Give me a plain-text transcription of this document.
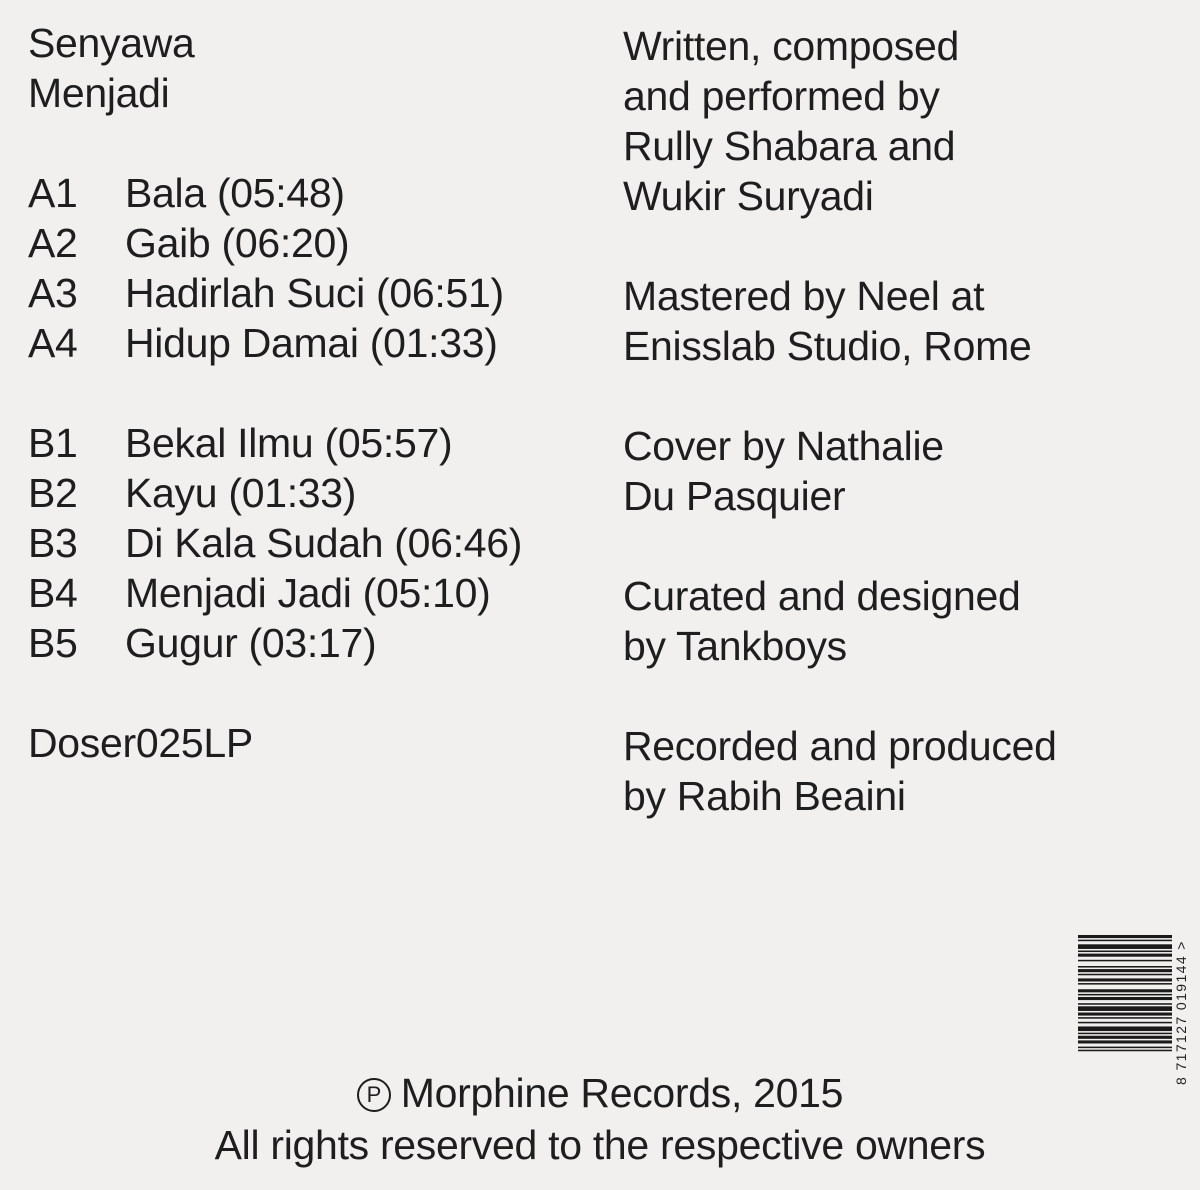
Senyawa
Menjadi
A1	Bala (05:48)
A2	Gaib (06:20)
A3	Hadirlah Suci (06:51)
A4	Hidup Damai (01:33)
B1	Bekal Ilmu (05:57)
B2	Kayu (01:33)
B3	Di Kala Sudah (06:46)
B4	Menjadi Jadi (05:10)
B5	Gugur (03:17)
Doser025LP
Written, composed
and performed by
Rully Shabara and
Wukir Suryadi
Mastered by Neel at
Enisslab Studio, Rome
Cover by Nathalie
Du Pasquier
Curated and designed
by Tankboys
Recorded and produced
by Rabih Beaini
8 717127 019144 >
P Morphine Records, 2015
All rights reserved to the respective owners
